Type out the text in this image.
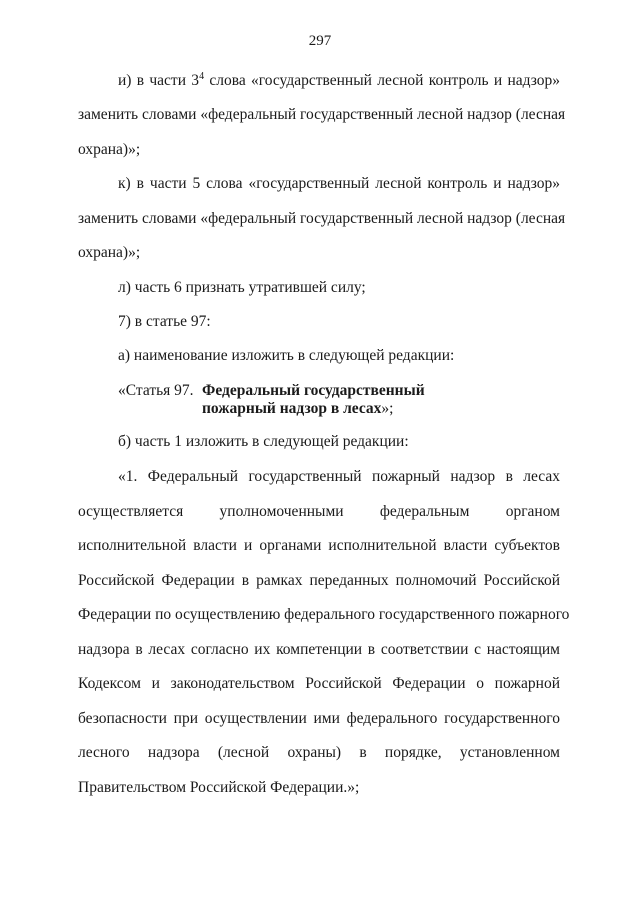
297
и) в части $3^4$ слова «государственный лесной контроль и надзор»
заменить словами «федеральный государственный лесной надзор (лесная
охрана)»;
к) в части 5 слова «государственный лесной контроль и надзор»
заменить словами «федеральный государственный лесной надзор (лесная
охрана)»;
л) часть 6 признать утратившей силу;
7) в статье 97:
а) наименование изложить в следующей редакции:
«Статья 97. Федеральный государственный
пожарный надзор в лесах»;
б) часть 1 изложить в следующей редакции:
«1. Федеральный государственный пожарный надзор в лесах
осуществляется уполномоченными федеральным органом
исполнительной власти и органами исполнительной власти субъектов
Российской Федерации в рамках переданных полномочий Российской
Федерации по осуществлению федерального государственного пожарного
надзора в лесах согласно их компетенции в соответствии с настоящим
Кодексом и законодательством Российской Федерации о пожарной
безопасности при осуществлении ими федерального государственного
лесного надзора (лесной охраны) в порядке, установленном
Правительством Российской Федерации.»;
